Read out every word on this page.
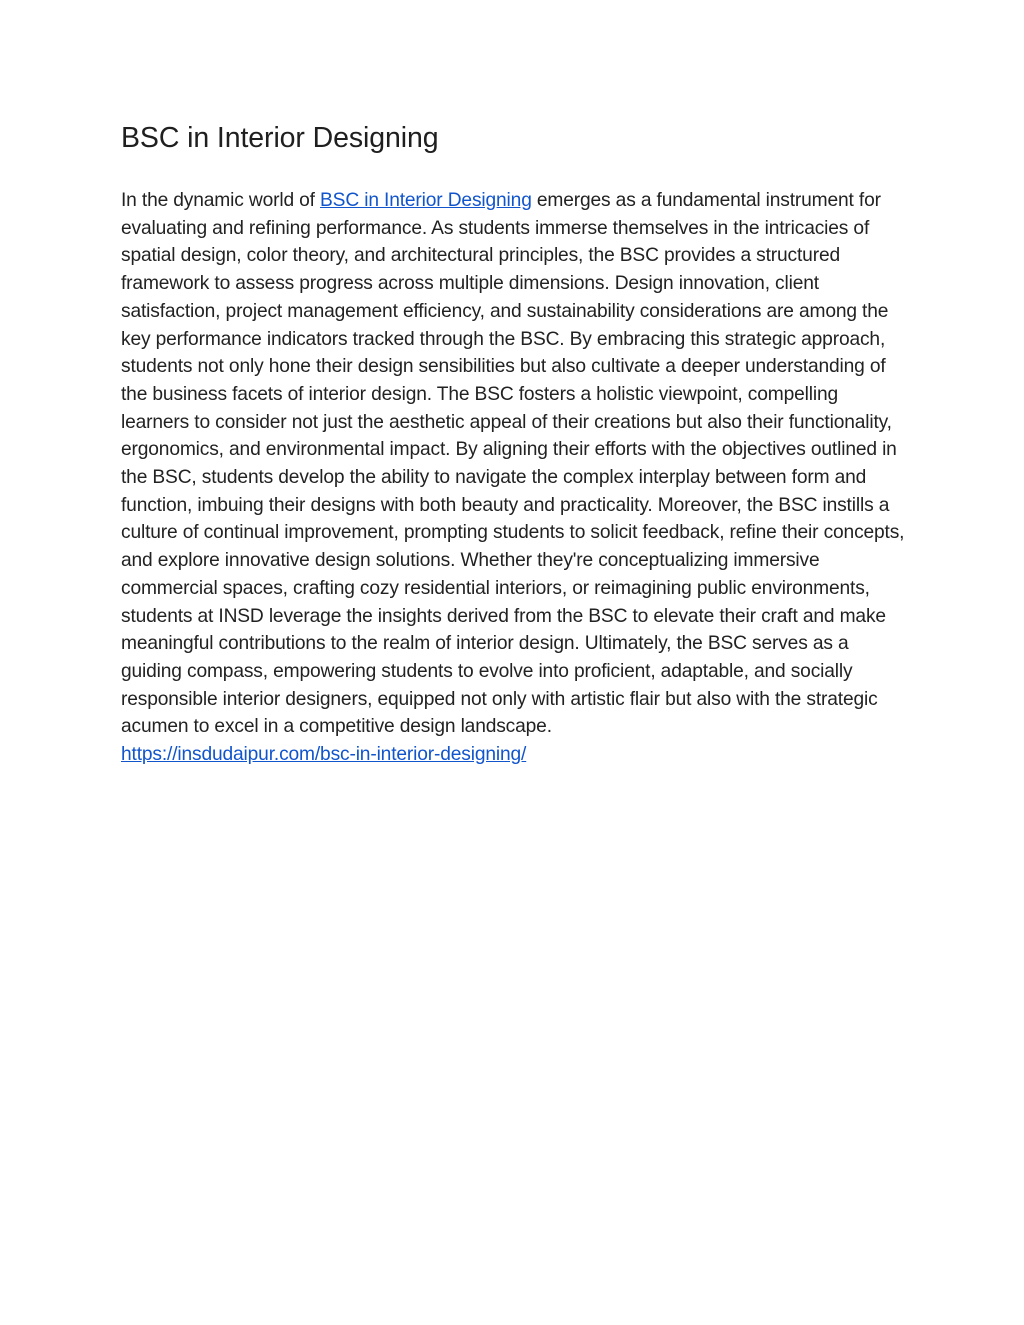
BSC in Interior Designing

In the dynamic world of BSC in Interior Designing emerges as a fundamental instrument for evaluating and refining performance. As students immerse themselves in the intricacies of spatial design, color theory, and architectural principles, the BSC provides a structured framework to assess progress across multiple dimensions. Design innovation, client satisfaction, project management efficiency, and sustainability considerations are among the key performance indicators tracked through the BSC. By embracing this strategic approach, students not only hone their design sensibilities but also cultivate a deeper understanding of the business facets of interior design. The BSC fosters a holistic viewpoint, compelling learners to consider not just the aesthetic appeal of their creations but also their functionality, ergonomics, and environmental impact. By aligning their efforts with the objectives outlined in the BSC, students develop the ability to navigate the complex interplay between form and function, imbuing their designs with both beauty and practicality. Moreover, the BSC instills a culture of continual improvement, prompting students to solicit feedback, refine their concepts, and explore innovative design solutions. Whether they're conceptualizing immersive commercial spaces, crafting cozy residential interiors, or reimagining public environments, students at INSD leverage the insights derived from the BSC to elevate their craft and make meaningful contributions to the realm of interior design. Ultimately, the BSC serves as a guiding compass, empowering students to evolve into proficient, adaptable, and socially responsible interior designers, equipped not only with artistic flair but also with the strategic acumen to excel in a competitive design landscape.
https://insdudaipur.com/bsc-in-interior-designing/
